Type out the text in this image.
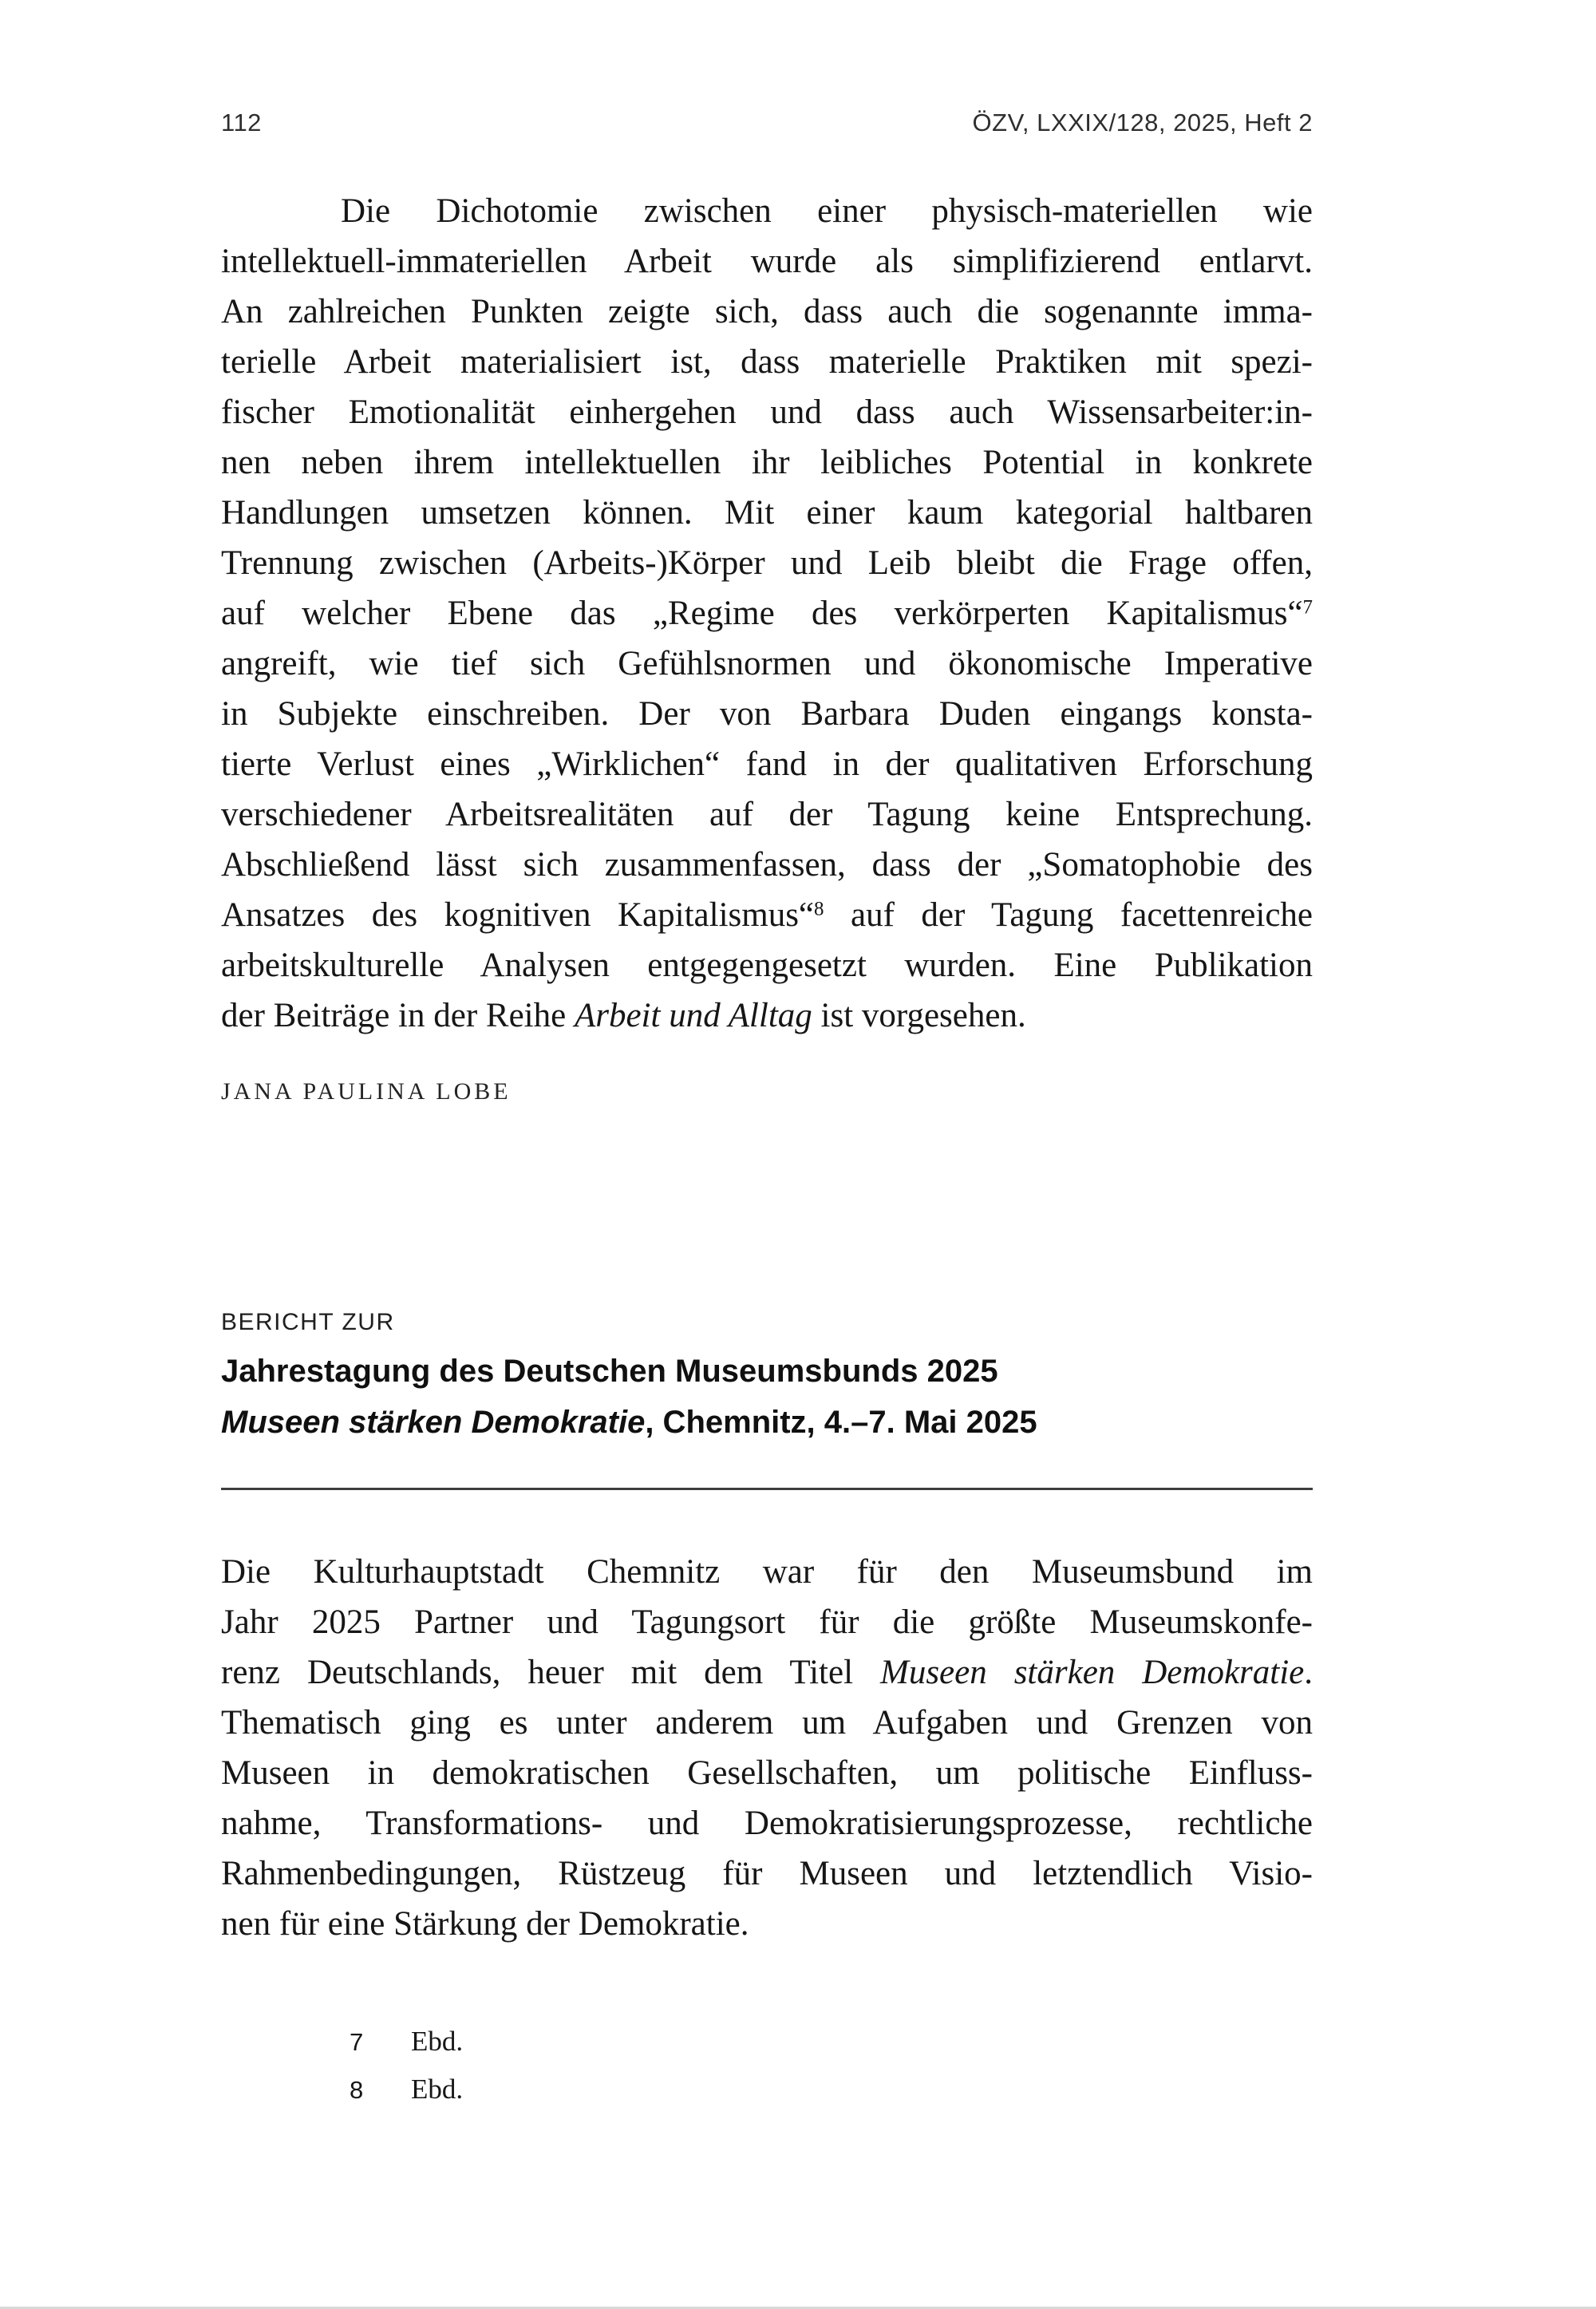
112	ÖZV, LXXIX/128, 2025, Heft 2
Die Dichotomie zwischen einer physisch-materiellen wie
intellektuell-immateriellen Arbeit wurde als simplifizierend entlarvt.
An zahlreichen Punkten zeigte sich, dass auch die sogenannte imma-
terielle Arbeit materialisiert ist, dass materielle Praktiken mit spezi-
fischer Emotionalität einhergehen und dass auch Wissensarbeiter:in-
nen neben ihrem intellektuellen ihr leibliches Potential in konkrete
Handlungen umsetzen können. Mit einer kaum kategorial haltbaren
Trennung zwischen (Arbeits-)Körper und Leib bleibt die Frage offen,
auf welcher Ebene das „Regime des verkörperten Kapitalismus“$^7$
angreift, wie tief sich Gefühlsnormen und ökonomische Imperative
in Subjekte einschreiben. Der von Barbara Duden eingangs konsta-
tierte Verlust eines „Wirklichen“ fand in der qualitativen Erforschung
verschiedener Arbeitsrealitäten auf der Tagung keine Entsprechung.
Abschließend lässt sich zusammenfassen, dass der „Somatophobie des
Ansatzes des kognitiven Kapitalismus“$^8$ auf der Tagung facettenreiche
arbeitskulturelle Analysen entgegengesetzt wurden. Eine Publikation
der Beiträge in der Reihe Arbeit und Alltag ist vorgesehen.
JANA PAULINA LOBE
BERICHT ZUR
Jahrestagung des Deutschen Museumsbunds 2025
Museen stärken Demokratie, Chemnitz, 4.–7. Mai 2025
Die Kulturhauptstadt Chemnitz war für den Museumsbund im
Jahr 2025 Partner und Tagungsort für die größte Museumskonfe-
renz Deutschlands, heuer mit dem Titel Museen stärken Demokratie.
Thematisch ging es unter anderem um Aufgaben und Grenzen von
Museen in demokratischen Gesellschaften, um politische Einfluss-
nahme, Transformations- und Demokratisierungsprozesse, rechtliche
Rahmenbedingungen, Rüstzeug für Museen und letztendlich Visio-
nen für eine Stärkung der Demokratie.
7	Ebd.
8	Ebd.
